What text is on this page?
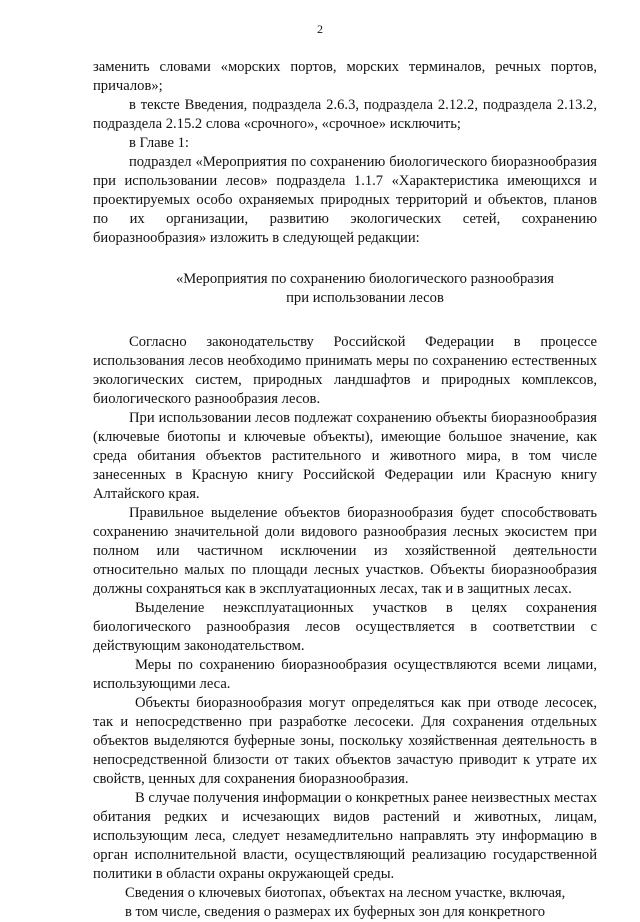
2

заменить словами «морских портов, морских терминалов, речных портов, причалов»;

в тексте Введения, подраздела 2.6.3, подраздела 2.12.2, подраздела 2.13.2, подраздела 2.15.2 слова «срочного», «срочное» исключить;

в Главе 1:

подраздел «Мероприятия по сохранению биологического биоразнообразия при использовании лесов» подраздела 1.1.7 «Характеристика имеющихся и проектируемых особо охраняемых природных территорий и объектов, планов по их организации, развитию экологических сетей, сохранению биоразнообразия» изложить в следующей редакции:

«Мероприятия по сохранению биологического разнообразия
при использовании лесов

Согласно законодательству Российской Федерации в процессе использования лесов необходимо принимать меры по сохранению естественных экологических систем, природных ландшафтов и природных комплексов, биологического разнообразия лесов.

При использовании лесов подлежат сохранению объекты биоразнообразия (ключевые биотопы и ключевые объекты), имеющие большое значение, как среда обитания объектов растительного и животного мира, в том числе занесенных в Красную книгу Российской Федерации или Красную книгу Алтайского края.

Правильное выделение объектов биоразнообразия будет способствовать сохранению значительной доли видового разнообразия лесных экосистем при полном или частичном исключении из хозяйственной деятельности относительно малых по площади лесных участков. Объекты биоразнообразия должны сохраняться как в эксплуатационных лесах, так и в защитных лесах.

Выделение неэксплуатационных участков в целях сохранения биологического разнообразия лесов осуществляется в соответствии с действующим законодательством.

Меры по сохранению биоразнообразия осуществляются всеми лицами, использующими леса.

Объекты биоразнообразия могут определяться как при отводе лесосек, так и непосредственно при разработке лесосеки. Для сохранения отдельных объектов выделяются буферные зоны, поскольку хозяйственная деятельность в непосредственной близости от таких объектов зачастую приводит к утрате их свойств, ценных для сохранения биоразнообразия.

В случае получения информации о конкретных ранее неизвестных местах обитания редких и исчезающих видов растений и животных, лицам, использующим леса, следует незамедлительно направлять эту информацию в орган исполнительной власти, осуществляющий реализацию государственной политики в области охраны окружающей среды.

Сведения о ключевых биотопах, объектах на лесном участке, включая,
в том числе, сведения о размерах их буферных зон для конкретного
